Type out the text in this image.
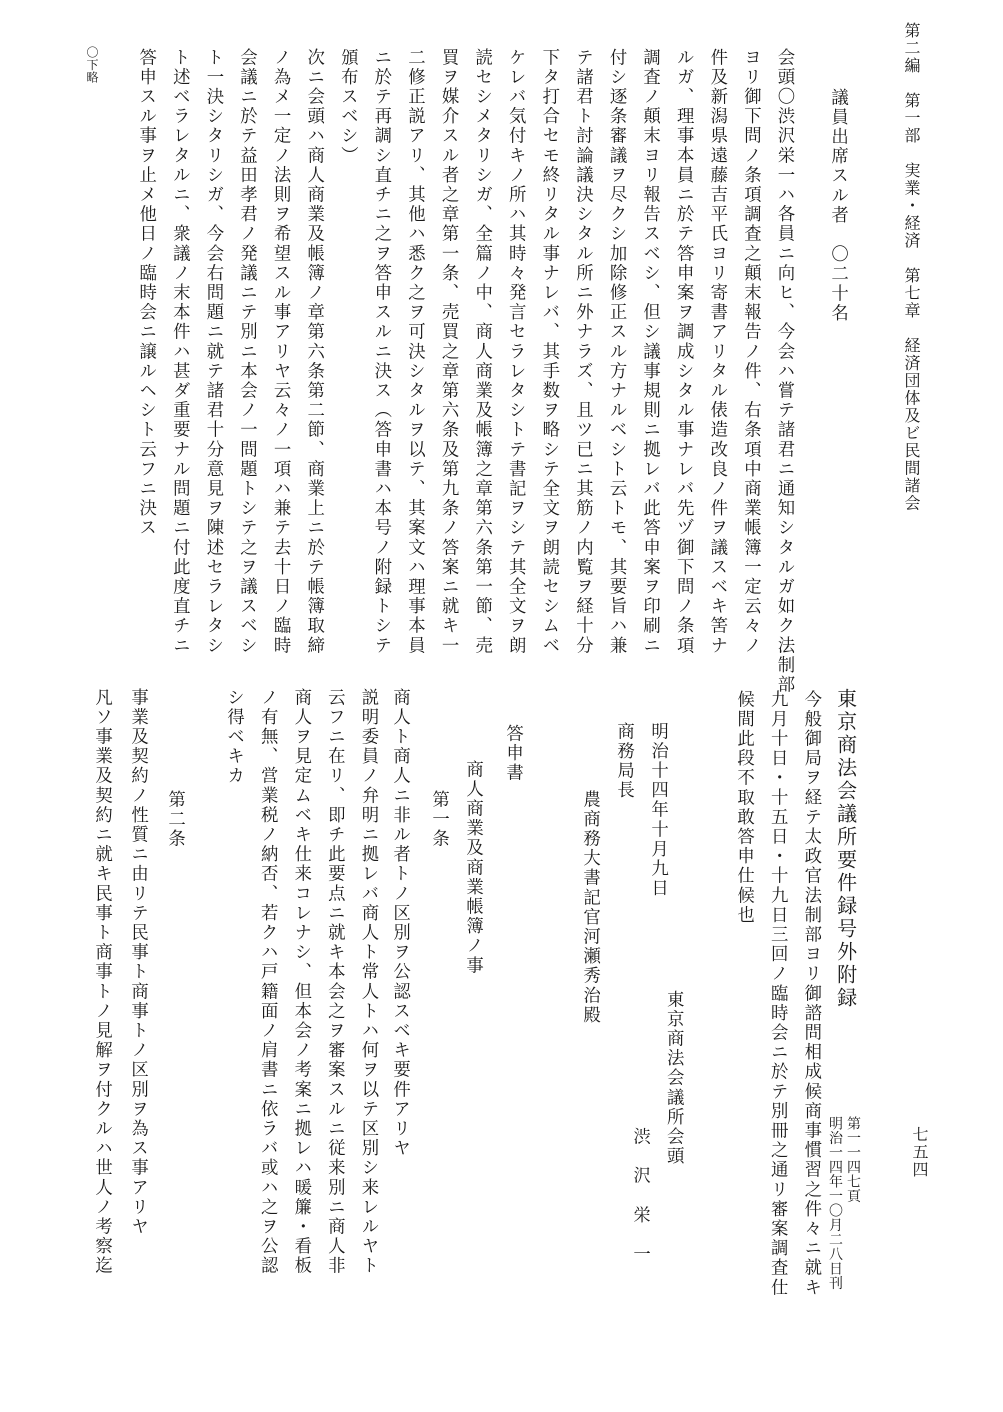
第二編　第一部　実業・経済　第七章　経済団体及ビ民間諸会
七五四
議員出席スル者　〇二十名
会頭〇渋沢栄一ハ各員ニ向ヒ、今会ハ嘗テ諸君ニ通知シタルガ如ク法制部
ヨリ御下問ノ条項調査之顛末報告ノ件、右条項中商業帳簿一定云々ノ
件及新潟県遠藤吉平氏ヨリ寄書アリタル俵造改良ノ件ヲ議スベキ筈ナ
ルガ、理事本員ニ於テ答申案ヲ調成シタル事ナレバ先ヅ御下問ノ条項
調査ノ顛末ヨリ報告スベシ、但シ議事規則ニ拠レバ此答申案ヲ印刷ニ
付シ逐条審議ヲ尽クシ加除修正スル方ナルベシト云トモ、其要旨ハ兼
テ諸君ト討論議決シタル所ニ外ナラズ、且ツ已ニ其筋ノ内覧ヲ経十分
下タ打合セモ終リタル事ナレバ、其手数ヲ略シテ全文ヲ朗読セシムベ
ケレバ気付キノ所ハ其時々発言セラレタシトテ書記ヲシテ其全文ヲ朗
読セシメタリシガ、全篇ノ中、商人商業及帳簿之章第六条第一節、売
買ヲ媒介スル者之章第一条、売買之章第六条及第九条ノ答案ニ就キ一
二修正説アリ、其他ハ悉ク之ヲ可決シタルヲ以テ、其案文ハ理事本員
ニ於テ再調シ直チニ之ヲ答申スルニ決ス（答申書ハ本号ノ附録トシテ
頒布スベシ）
次ニ会頭ハ商人商業及帳簿ノ章第六条第二節、商業上ニ於テ帳簿取締
ノ為メ一定ノ法則ヲ希望スル事アリヤ云々ノ一項ハ兼テ去十日ノ臨時
会議ニ於テ益田孝君ノ発議ニテ別ニ本会ノ一問題トシテ之ヲ議スベシ
ト一決シタリシガ、今会右問題ニ就テ諸君十分意見ヲ陳述セラレタシ
ト述ベラレタルニ、衆議ノ末本件ハ甚ダ重要ナル問題ニ付此度直チニ
答申スル事ヲ止メ他日ノ臨時会ニ譲ルヘシト云フニ決ス
〇下略
東京商法会議所要件録号外附録
第一一四七頁
明治一四年一〇月二八日刊
今般御局ヲ経テ太政官法制部ヨリ御諮問相成候商事慣習之件々ニ就キ
九月十日・十五日・十九日三回ノ臨時会ニ於テ別冊之通リ審案調査仕
候間此段不取敢答申仕候也
東京商法会議所会頭
　　　　　　　渋　沢　栄　一
明治十四年十月九日
商務局長
農商務大書記官河瀬秀治殿
答申書
商人商業及商業帳簿ノ事
第一条
商人ト商人ニ非ル者トノ区別ヲ公認スベキ要件アリヤ
説明委員ノ弁明ニ拠レバ商人ト常人トハ何ヲ以テ区別シ来レルヤト
云フニ在リ、即チ此要点ニ就キ本会之ヲ審案スルニ従来別ニ商人非
商人ヲ見定ムベキ仕来コレナシ、但本会ノ考案ニ拠レハ暖簾・看板
ノ有無、営業税ノ納否、若クハ戸籍面ノ肩書ニ依ラバ或ハ之ヲ公認
シ得ベキカ
第二条
事業及契約ノ性質ニ由リテ民事ト商事トノ区別ヲ為ス事アリヤ
凡ソ事業及契約ニ就キ民事ト商事トノ見解ヲ付クルハ世人ノ考察迄
